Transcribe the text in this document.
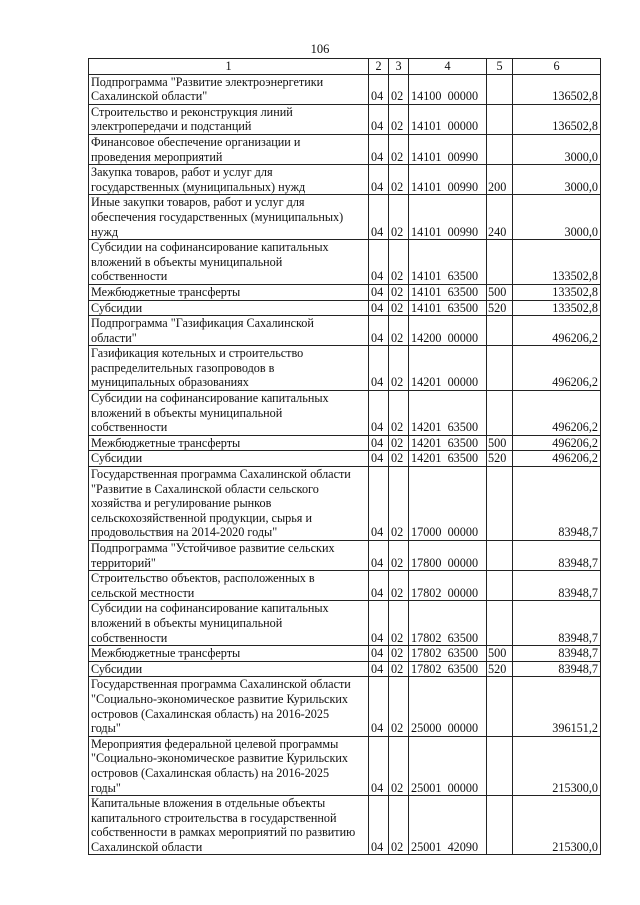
106
1	2	3	4	5	6
Подпрограмма "Развитие электроэнергетики
Сахалинской области"	04	02	14100  00000		136502,8
Строительство и реконструкция линий
электропередачи и подстанций	04	02	14101  00000		136502,8
Финансовое обеспечение организации и
проведения мероприятий	04	02	14101  00990		3000,0
Закупка товаров, работ и услуг для
государственных (муниципальных) нужд	04	02	14101  00990	200	3000,0
Иные закупки товаров, работ и услуг для
обеспечения государственных (муниципальных)
нужд	04	02	14101  00990	240	3000,0
Субсидии на софинансирование капитальных
вложений в объекты муниципальной
собственности	04	02	14101  63500		133502,8
Межбюджетные трансферты	04	02	14101  63500	500	133502,8
Субсидии	04	02	14101  63500	520	133502,8
Подпрограмма "Газификация Сахалинской
области"	04	02	14200  00000		496206,2
Газификация котельных и строительство
распределительных газопроводов в
муниципальных образованиях	04	02	14201  00000		496206,2
Субсидии на софинансирование капитальных
вложений в объекты муниципальной
собственности	04	02	14201  63500		496206,2
Межбюджетные трансферты	04	02	14201  63500	500	496206,2
Субсидии	04	02	14201  63500	520	496206,2
Государственная программа Сахалинской области
"Развитие в Сахалинской области сельского
хозяйства и регулирование рынков
сельскохозяйственной продукции, сырья и
продовольствия на 2014-2020 годы"	04	02	17000  00000		83948,7
Подпрограмма "Устойчивое развитие сельских
территорий"	04	02	17800  00000		83948,7
Строительство объектов, расположенных в
сельской местности	04	02	17802  00000		83948,7
Субсидии на софинансирование капитальных
вложений в объекты муниципальной
собственности	04	02	17802  63500		83948,7
Межбюджетные трансферты	04	02	17802  63500	500	83948,7
Субсидии	04	02	17802  63500	520	83948,7
Государственная программа Сахалинской области
"Социально-экономическое развитие Курильских
островов (Сахалинская область) на 2016-2025
годы"	04	02	25000  00000		396151,2
Мероприятия федеральной целевой программы
"Социально-экономическое развитие Курильских
островов (Сахалинская область) на 2016-2025
годы"	04	02	25001  00000		215300,0
Капитальные вложения в отдельные объекты
капитального строительства в государственной
собственности в рамках мероприятий по развитию
Сахалинской области	04	02	25001  42090		215300,0
